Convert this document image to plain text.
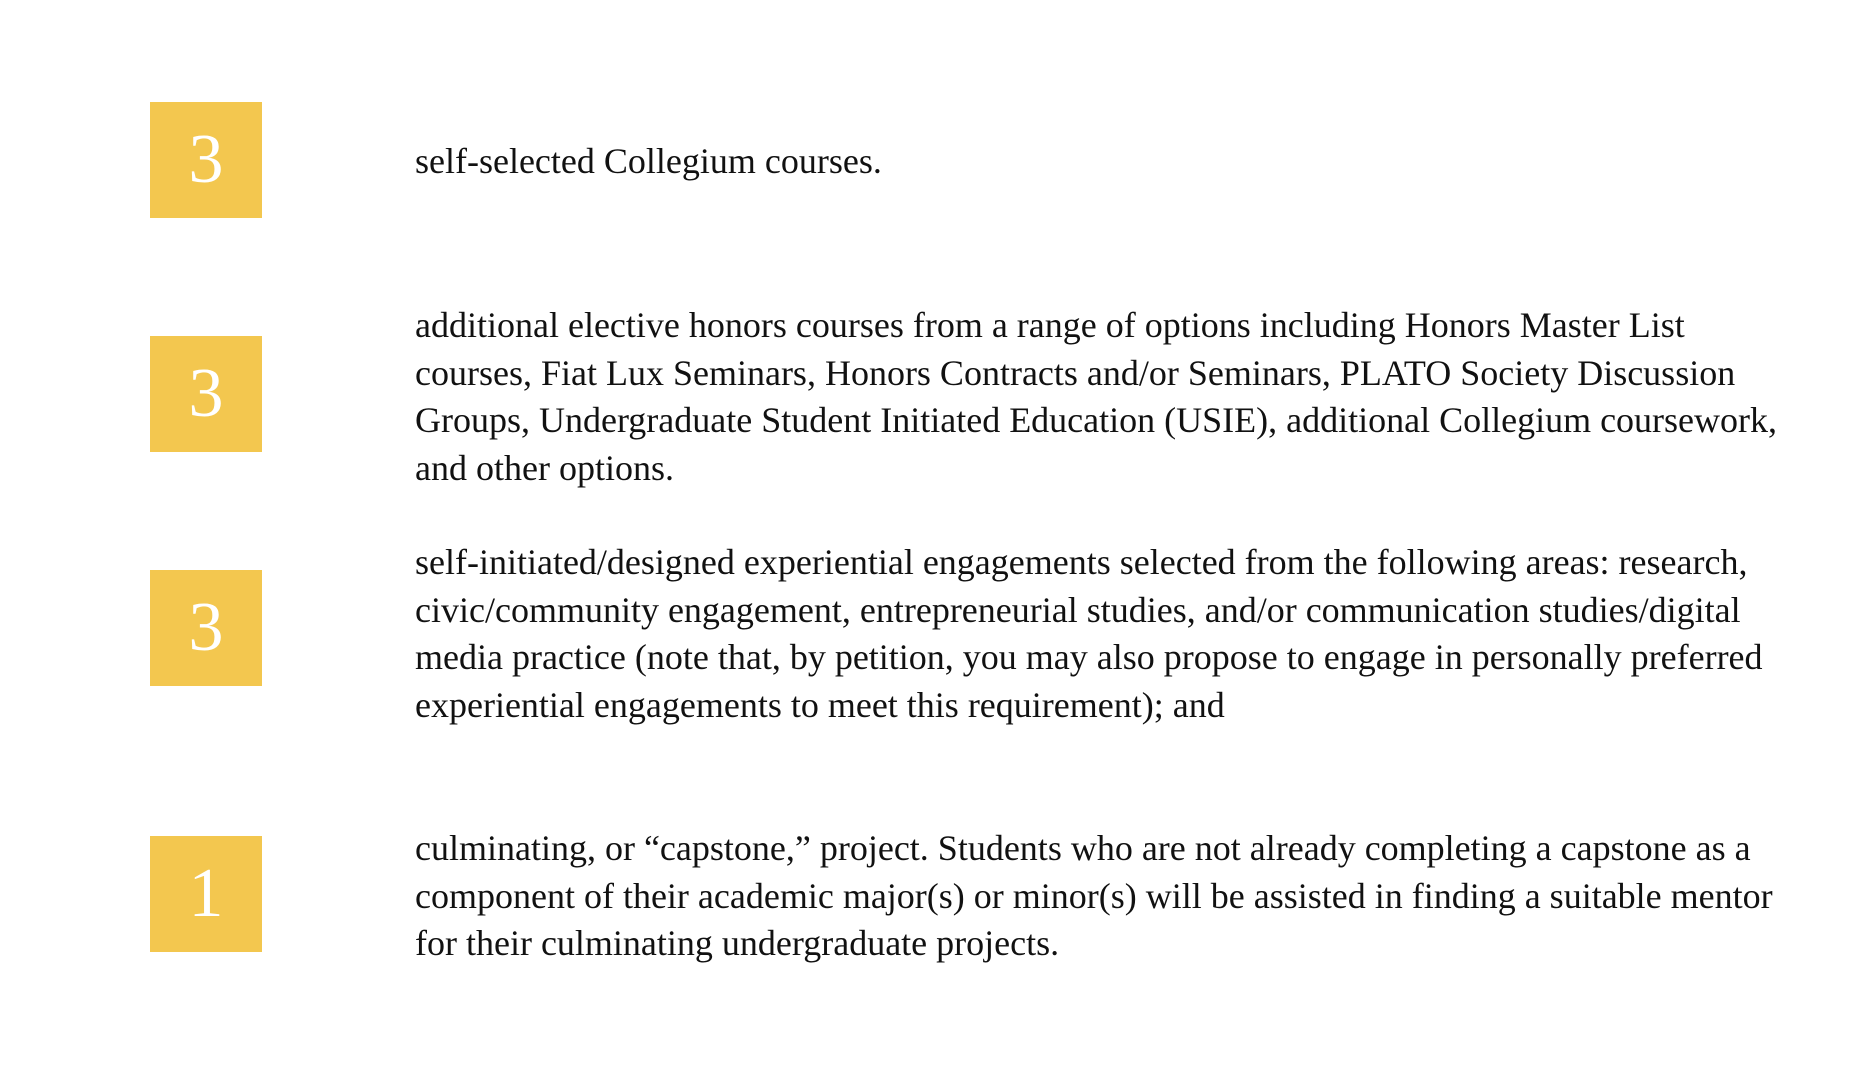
3	self-selected Collegium courses.

3

additional elective honors courses from a range of options including Honors Master List courses, Fiat Lux Seminars, Honors Contracts and/or Seminars, PLATO Society Discussion Groups, Undergraduate Student Initiated Education (USIE), additional Collegium coursework, and other options.

3

self-initiated/designed experiential engagements selected from the following areas: research, civic/community engagement, entrepreneurial studies, and/or communication studies/digital media practice (note that, by petition, you may also propose to engage in personally preferred experiential engagements to meet this requirement); and

1

culminating, or “capstone,” project. Students who are not already completing a capstone as a component of their academic major(s) or minor(s) will be assisted in finding a suitable mentor for their culminating undergraduate projects.
